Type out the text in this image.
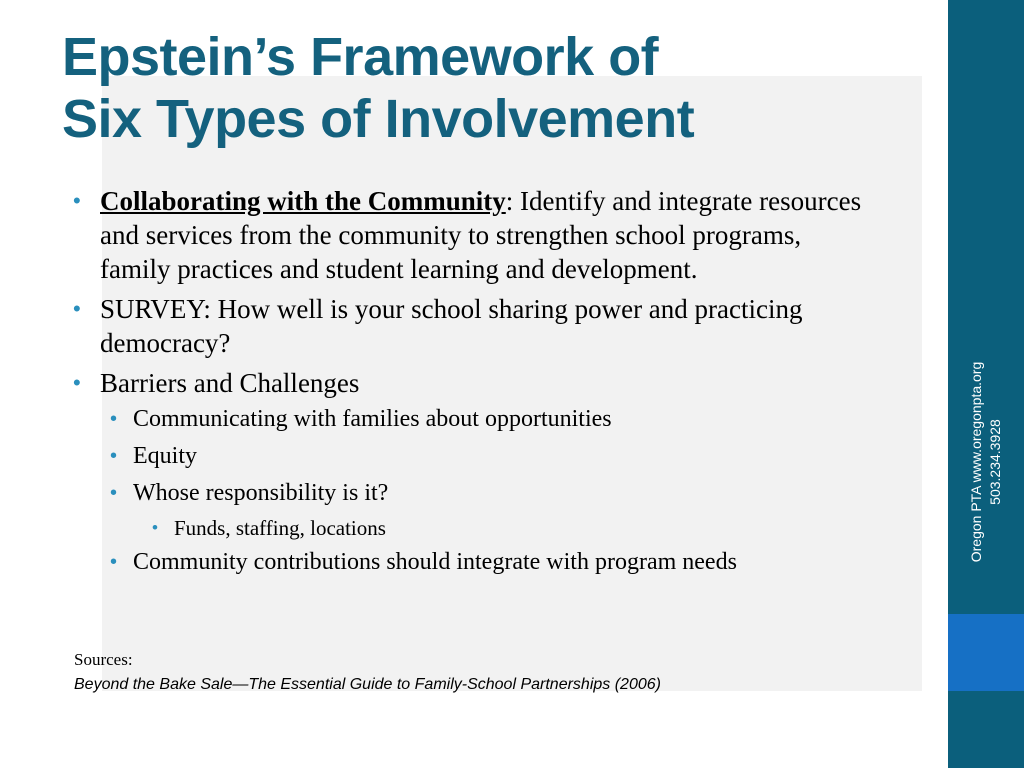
Epstein’s Framework of
Six Types of Involvement
• Collaborating with the Community: Identify and integrate resources and services from the community to strengthen school programs, family practices and student learning and development.
• SURVEY: How well is your school sharing power and practicing democracy?
• Barriers and Challenges
• Communicating with families about opportunities
• Equity
• Whose responsibility is it?
• Funds, staffing, locations
• Community contributions should integrate with program needs
Sources:
Beyond the Bake Sale—The Essential Guide to Family-School Partnerships (2006)
Oregon PTA www.oregonpta.org 503.234.3928
